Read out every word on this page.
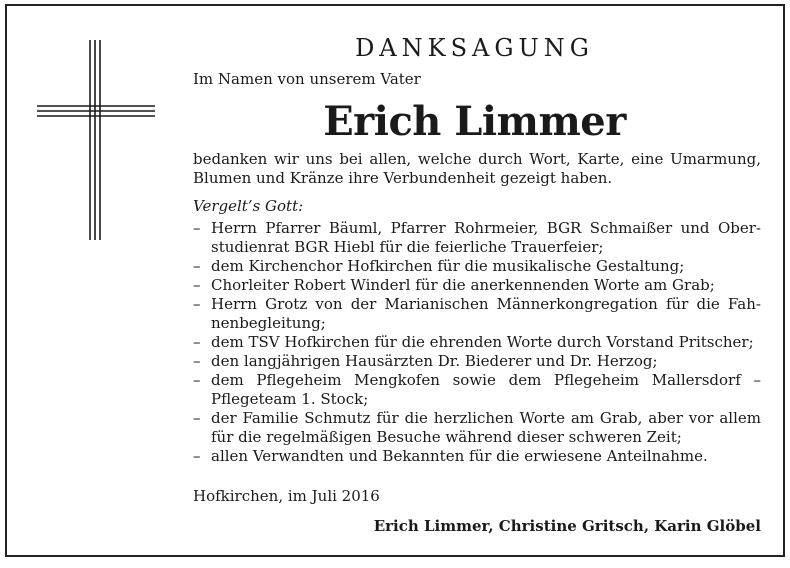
DANKSAGUNG
Im Namen von unserem Vater
Erich Limmer
bedanken wir uns bei allen, welche durch Wort, Karte, eine Umarmung, Blumen und Kränze ihre Verbundenheit gezeigt haben.
Vergelt’s Gott:
– Herrn Pfarrer Bäuml, Pfarrer Rohrmeier, BGR Schmaißer und Oberstudienrat BGR Hiebl für die feierliche Trauerfeier;
– dem Kirchenchor Hofkirchen für die musikalische Gestaltung;
– Chorleiter Robert Winderl für die anerkennenden Worte am Grab;
– Herrn Grotz von der Marianischen Männerkongregation für die Fahnenbegleitung;
– dem TSV Hofkirchen für die ehrenden Worte durch Vorstand Pritscher;
– den langjährigen Hausärzten Dr. Biederer und Dr. Herzog;
– dem Pflegeheim Mengkofen sowie dem Pflegeheim Mallersdorf – Pflegeteam 1. Stock;
– der Familie Schmutz für die herzlichen Worte am Grab, aber vor allem für die regelmäßigen Besuche während dieser schweren Zeit;
– allen Verwandten und Bekannten für die erwiesene Anteilnahme.
Hofkirchen, im Juli 2016
Erich Limmer, Christine Gritsch, Karin Glöbel
